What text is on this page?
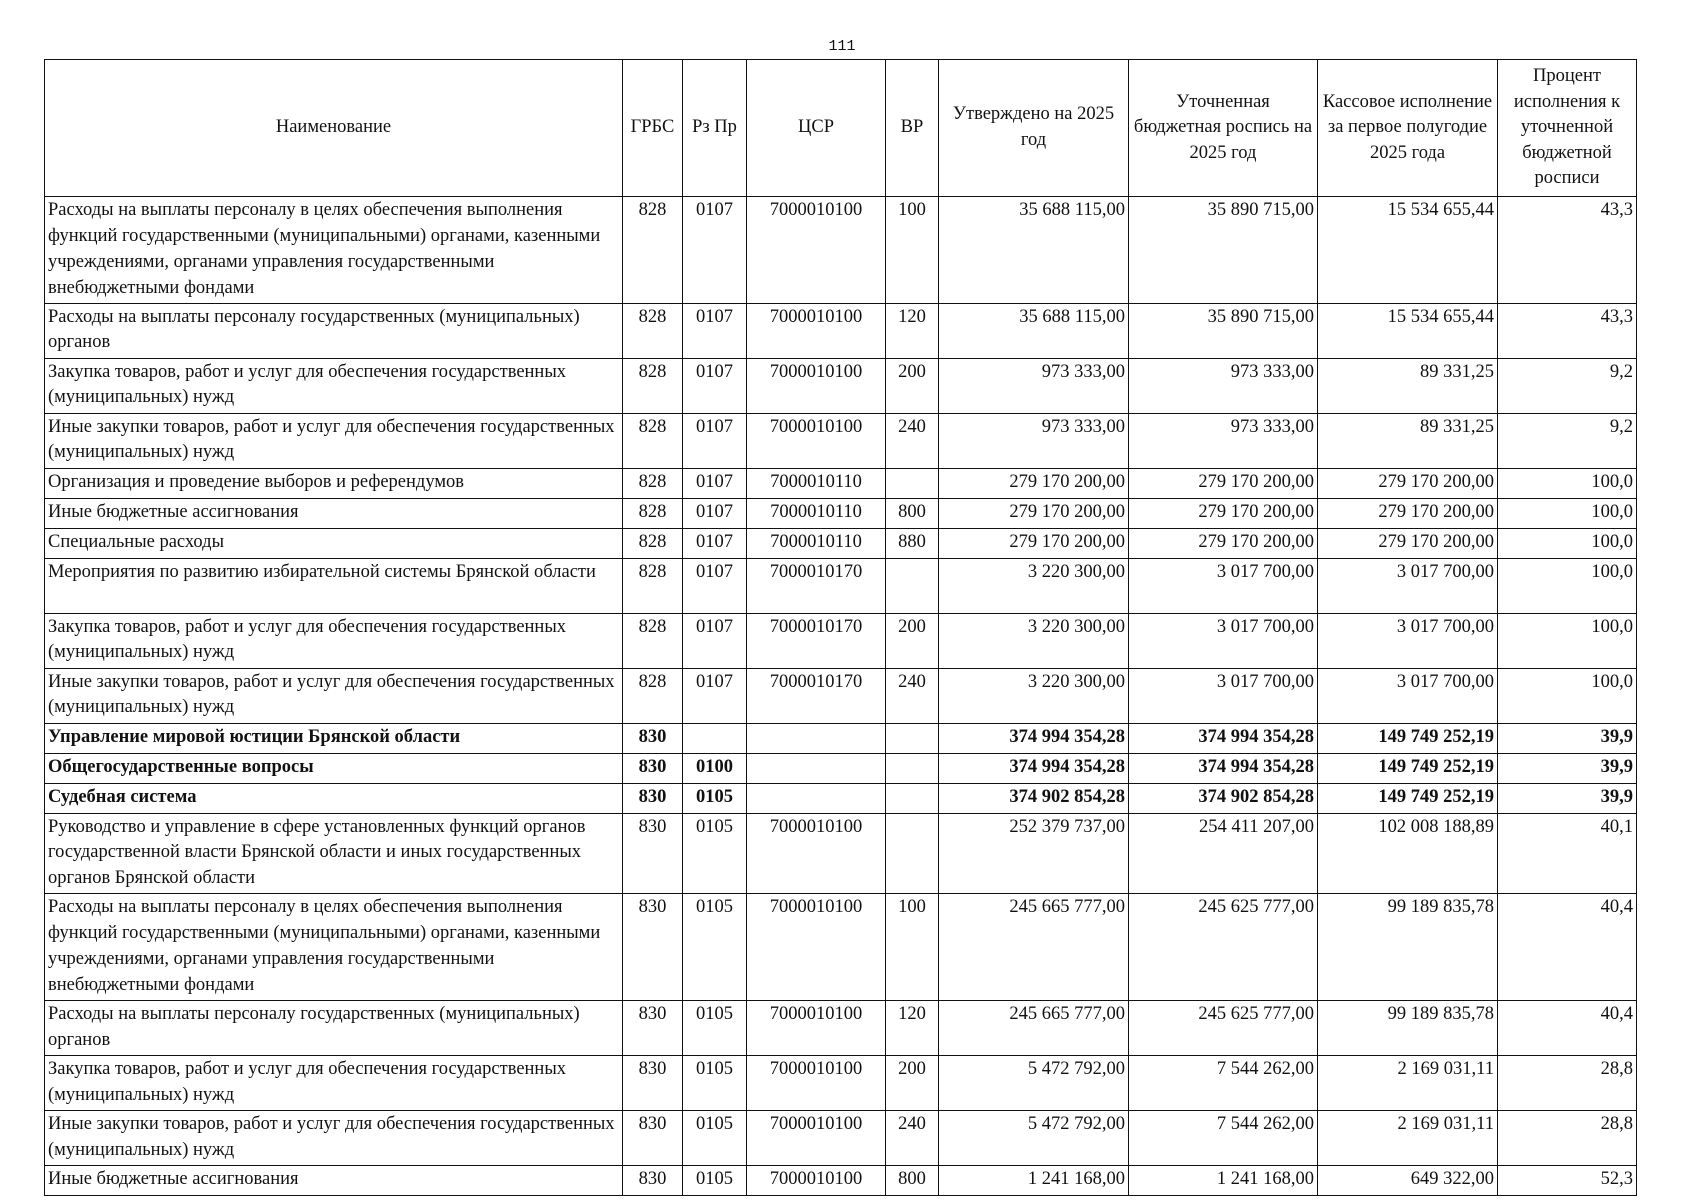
111
Наименование	ГРБС	Рз Пр	ЦСР	ВР	Утверждено на 2025 год	Уточненная бюджетная роспись на 2025 год	Кассовое исполнение за первое полугодие 2025 года	Процент исполнения к уточненной бюджетной росписи
Расходы на выплаты персоналу в целях обеспечения выполнения функций государственными (муниципальными) органами, казенными учреждениями, органами управления государственными внебюджетными фондами	828	0107	7000010100	100	35 688 115,00	35 890 715,00	15 534 655,44	43,3
Расходы на выплаты персоналу государственных (муниципальных) органов	828	0107	7000010100	120	35 688 115,00	35 890 715,00	15 534 655,44	43,3
Закупка товаров, работ и услуг для обеспечения государственных (муниципальных) нужд	828	0107	7000010100	200	973 333,00	973 333,00	89 331,25	9,2
Иные закупки товаров, работ и услуг для обеспечения государственных (муниципальных) нужд	828	0107	7000010100	240	973 333,00	973 333,00	89 331,25	9,2
Организация и проведение выборов и референдумов	828	0107	7000010110		279 170 200,00	279 170 200,00	279 170 200,00	100,0
Иные бюджетные ассигнования	828	0107	7000010110	800	279 170 200,00	279 170 200,00	279 170 200,00	100,0
Специальные расходы	828	0107	7000010110	880	279 170 200,00	279 170 200,00	279 170 200,00	100,0
Мероприятия по развитию избирательной системы Брянской области	828	0107	7000010170		3 220 300,00	3 017 700,00	3 017 700,00	100,0
Закупка товаров, работ и услуг для обеспечения государственных (муниципальных) нужд	828	0107	7000010170	200	3 220 300,00	3 017 700,00	3 017 700,00	100,0
Иные закупки товаров, работ и услуг для обеспечения государственных (муниципальных) нужд	828	0107	7000010170	240	3 220 300,00	3 017 700,00	3 017 700,00	100,0
Управление мировой юстиции Брянской области	830				374 994 354,28	374 994 354,28	149 749 252,19	39,9
Общегосударственные вопросы	830	0100			374 994 354,28	374 994 354,28	149 749 252,19	39,9
Судебная система	830	0105			374 902 854,28	374 902 854,28	149 749 252,19	39,9
Руководство и управление в сфере установленных функций органов государственной власти Брянской области и иных государственных органов Брянской области	830	0105	7000010100		252 379 737,00	254 411 207,00	102 008 188,89	40,1
Расходы на выплаты персоналу в целях обеспечения выполнения функций государственными (муниципальными) органами, казенными учреждениями, органами управления государственными внебюджетными фондами	830	0105	7000010100	100	245 665 777,00	245 625 777,00	99 189 835,78	40,4
Расходы на выплаты персоналу государственных (муниципальных) органов	830	0105	7000010100	120	245 665 777,00	245 625 777,00	99 189 835,78	40,4
Закупка товаров, работ и услуг для обеспечения государственных (муниципальных) нужд	830	0105	7000010100	200	5 472 792,00	7 544 262,00	2 169 031,11	28,8
Иные закупки товаров, работ и услуг для обеспечения государственных (муниципальных) нужд	830	0105	7000010100	240	5 472 792,00	7 544 262,00	2 169 031,11	28,8
Иные бюджетные ассигнования	830	0105	7000010100	800	1 241 168,00	1 241 168,00	649 322,00	52,3
